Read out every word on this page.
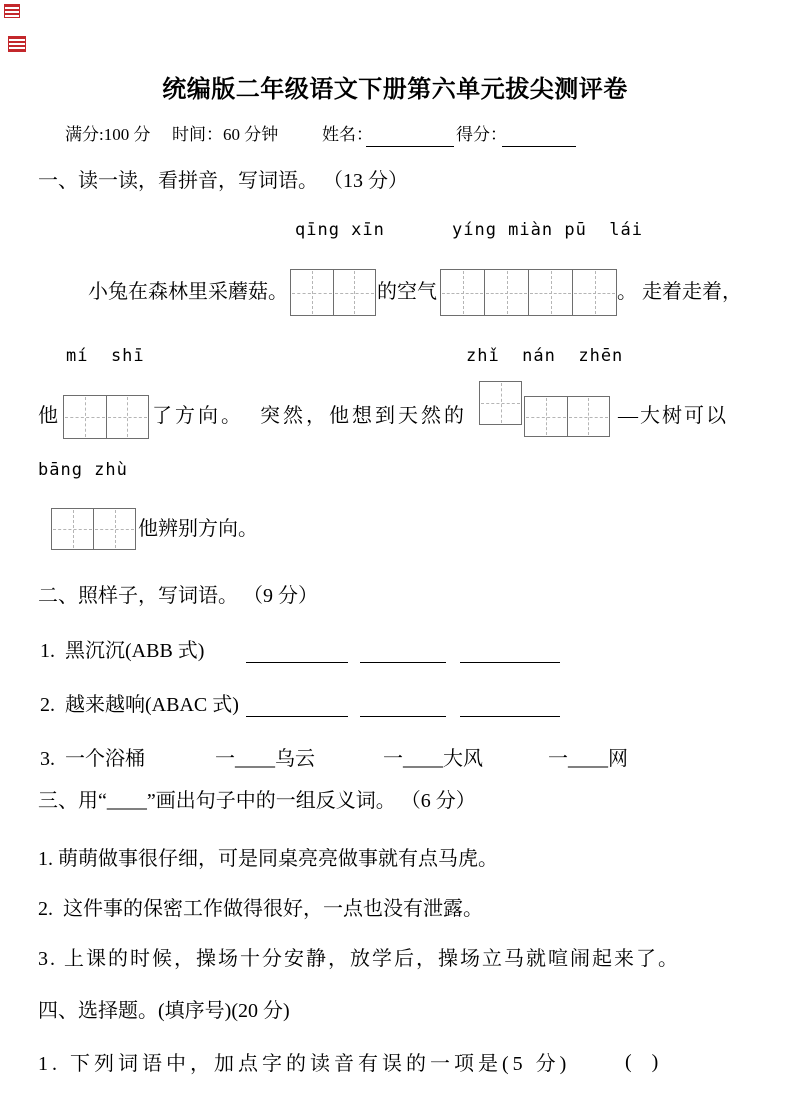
统编版二年级语文下册第六单元拔尖测评卷
满分:100 分 时间：60 分钟	姓名：	得分：
一、读一读，看拼音，写词语。 （13 分）
qīng xīn	yíng miàn pū  lái
小兔在森林里采蘑菇。	的空气	。 走着走着，
mí  shī	zhǐ  nán  zhēn
他	了方向。  突然，他想到天然的	—大树可以
bāng zhù
他辨别方向。
二、照样子，写词语。 （9 分）
1.  黑沉沉(ABB 式)
2.  越来越响(ABAC 式)
3.  一个浴桶	一____乌云	一____大风	一____网
三、用“____”画出句子中的一组反义词。 （6 分）
1. 萌萌做事很仔细，可是同桌亮亮做事就有点马虎。
2.  这件事的保密工作做得很好，一点也没有泄露。
3. 上课的时候，操场十分安静，放学后，操场立马就喧闹起来了。
四、选择题。(填序号)(20 分)
1. 下列词语中，加点字的读音有误的一项是(5 分)	(    )
